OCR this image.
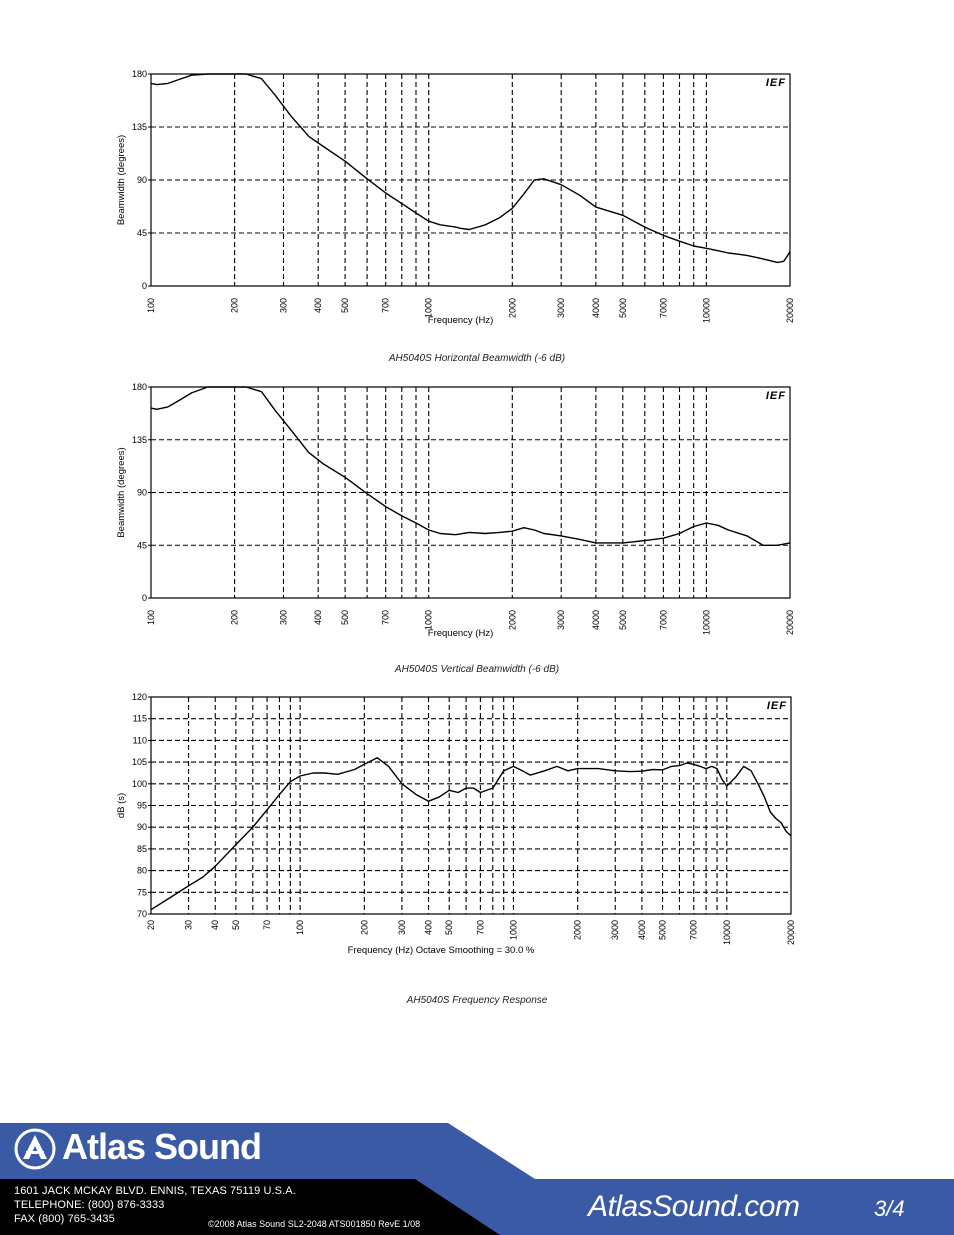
0
45
90
135
180
100	200	300	400 500	700	1000	2000	3000	4000 5000	7000	10000	20000
Frequency (Hz)
Beamwidth (degrees)
IEF
AH5040S Horizontal Beamwidth (-6 dB)
0
45
90
135
180
100	200	300	400 500	700	1000	2000	3000	4000 5000	7000	10000	20000
Frequency (Hz)
Beamwidth (degrees)
IEF
AH5040S Vertical Beamwidth (-6 dB)
70
75
80
85
90
95
100
105
110
115
120
20	30 40 50 70	100	200	300 400 500 700	1000	2000	3000 4000 5000 7000	10000	20000
Frequency (Hz) Octave Smoothing = 30.0 %
dB (s)
IEF
AH5040S Frequency Response
Atlas Sound
1601 JACK MCKAY BLVD. ENNIS, TEXAS 75119 U.S.A.
TELEPHONE: (800) 876-3333
FAX (800) 765-3435	©2008 Atlas Sound SL2-2048 ATS001850 RevE 1/08
AtlasSound.com	3/4
